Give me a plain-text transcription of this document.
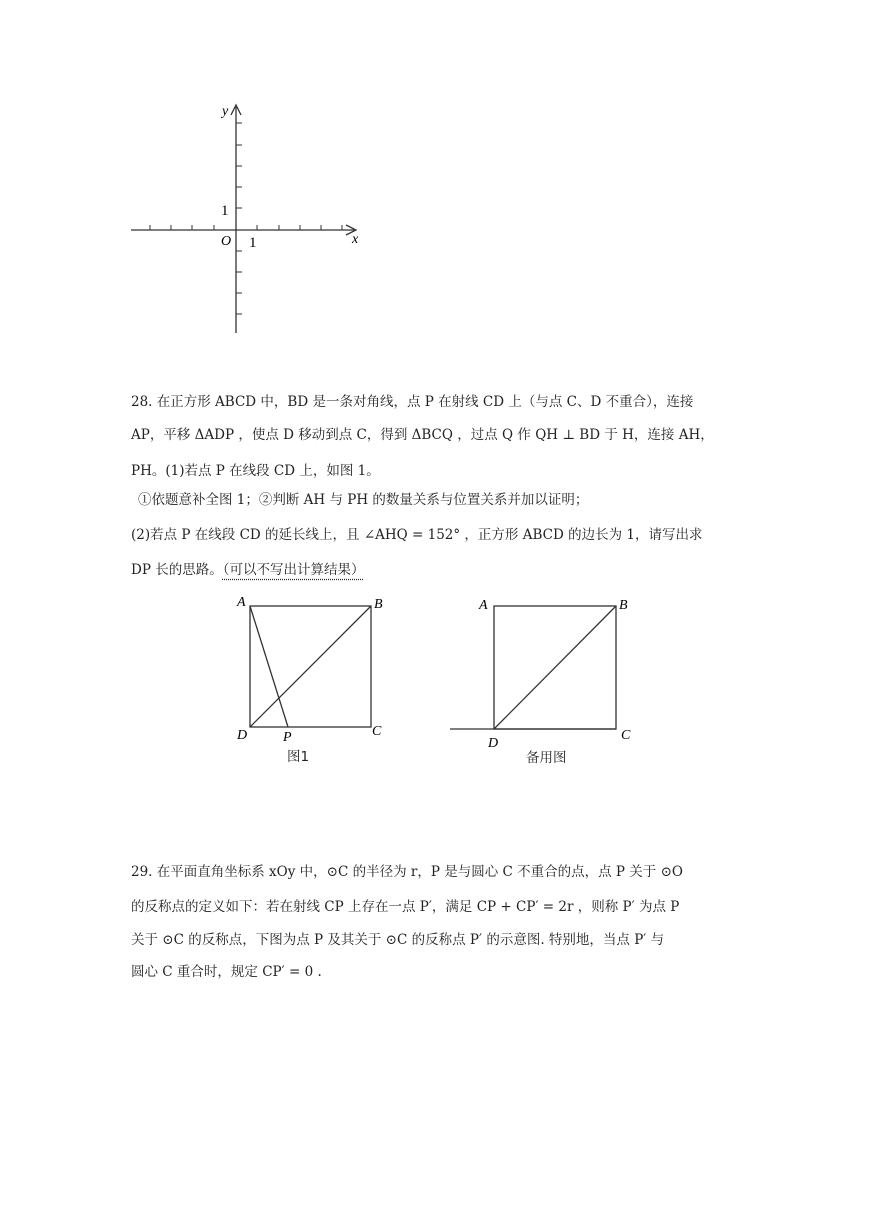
y
x
O 1
1
28. 在正方形 ABCD 中，BD 是一条对角线，点 P 在射线 CD 上（与点 C、D 不重合），连接
AP，平移 ΔADP ，使点 D 移动到点 C，得到 ΔBCQ ，过点 Q 作 QH ⊥ BD 于 H，连接 AH，
PH。(1)若点 P 在线段 CD 上，如图 1。
①依题意补全图 1；②判断 AH 与 PH 的数量关系与位置关系并加以证明；
(2)若点 P 在线段 CD 的延长线上，且 ∠AHQ = 152° ，正方形 ABCD 的边长为 1，请写出求
DP 长的思路。（可以不写出计算结果）
A	B
C
D	P
图1
A	B
C
D
备用图
29. 在平面直角坐标系 xOy 中，⊙C 的半径为 r，P 是与圆心 C 不重合的点，点 P 关于 ⊙O
的反称点的定义如下：若在射线 CP 上存在一点 P′，满足 CP + CP′ = 2r ，则称 P′ 为点 P
关于 ⊙C 的反称点，下图为点 P 及其关于 ⊙C 的反称点 P′ 的示意图. 特别地，当点 P′ 与
圆心 C 重合时，规定 CP′ = 0 .
